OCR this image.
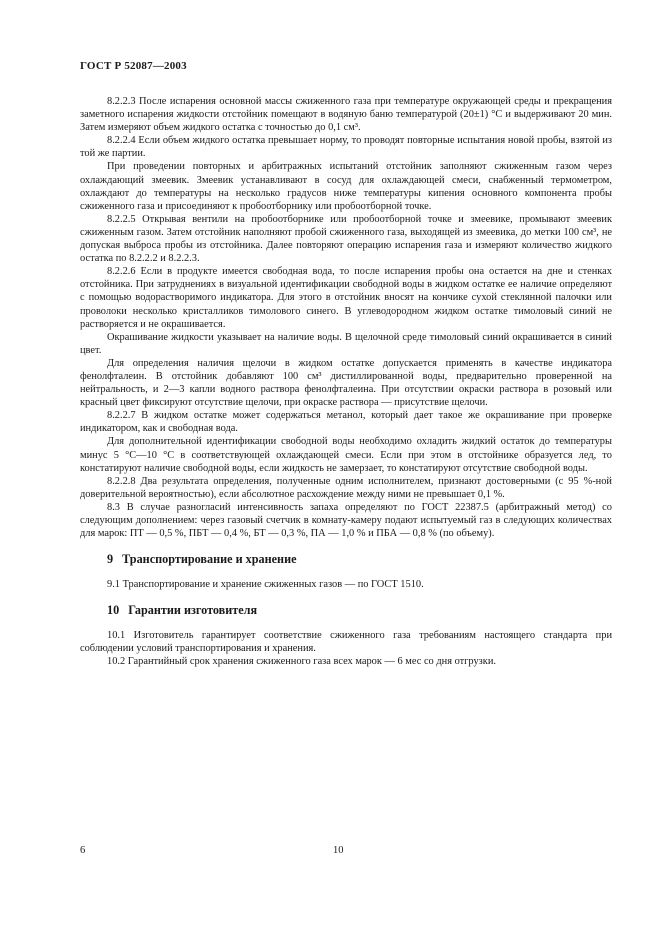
ГОСТ Р 52087—2003

8.2.2.3 После испарения основной массы сжиженного газа при температуре окружающей среды и прекращения заметного испарения жидкости отстойник помещают в водяную баню температурой (20±1) °С и выдерживают 20 мин. Затем измеряют объем жидкого остатка с точностью до 0,1 см³.

8.2.2.4 Если объем жидкого остатка превышает норму, то проводят повторные испытания новой пробы, взятой из той же партии.

При проведении повторных и арбитражных испытаний отстойник заполняют сжиженным газом через охлаждающий змеевик. Змеевик устанавливают в сосуд для охлаждающей смеси, снабженный термометром, охлаждают до температуры на несколько градусов ниже температуры кипения основного компонента пробы сжиженного газа и присоединяют к пробоотборнику или пробоотборной точке.

8.2.2.5 Открывая вентили на пробоотборнике или пробоотборной точке и змеевике, промывают змеевик сжиженным газом. Затем отстойник наполняют пробой сжиженного газа, выходящей из змеевика, до метки 100 см³, не допуская выброса пробы из отстойника. Далее повторяют операцию испарения газа и измеряют количество жидкого остатка по 8.2.2.2 и 8.2.2.3.

8.2.2.6 Если в продукте имеется свободная вода, то после испарения пробы она остается на дне и стенках отстойника. При затруднениях в визуальной идентификации свободной воды в жидком остатке ее наличие определяют с помощью водорастворимого индикатора. Для этого в отстойник вносят на кончике сухой стеклянной палочки или проволоки несколько кристалликов тимолового синего. В углеводородном жидком остатке тимоловый синий не растворяется и не окрашивается.

Окрашивание жидкости указывает на наличие воды. В щелочной среде тимоловый синий окрашивается в синий цвет.

Для определения наличия щелочи в жидком остатке допускается применять в качестве индикатора фенолфталеин. В отстойник добавляют 100 см³ дистиллированной воды, предварительно проверенной на нейтральность, и 2—3 капли водного раствора фенолфталеина. При отсутствии окраски раствора в розовый или красный цвет фиксируют отсутствие щелочи, при окраске раствора — присутствие щелочи.

8.2.2.7 В жидком остатке может содержаться метанол, который дает такое же окрашивание при проверке индикатором, как и свободная вода.

Для дополнительной идентификации свободной воды необходимо охладить жидкий остаток до температуры минус 5 °С—10 °С в соответствующей охлаждающей смеси. Если при этом в отстойнике образуется лед, то констатируют наличие свободной воды, если жидкость не замерзает, то констатируют отсутствие свободной воды.

8.2.2.8 Два результата определения, полученные одним исполнителем, признают достоверными (с 95 %-ной доверительной вероятностью), если абсолютное расхождение между ними не превышает 0,1 %.

8.3 В случае разногласий интенсивность запаха определяют по ГОСТ 22387.5 (арбитражный метод) со следующим дополнением: через газовый счетчик в комнату-камеру подают испытуемый газ в следующих количествах для марок: ПТ — 0,5 %, ПБТ — 0,4 %, БТ — 0,3 %, ПА — 1,0 % и ПБА — 0,8 % (по объему).

9 Транспортирование и хранение

9.1 Транспортирование и хранение сжиженных газов — по ГОСТ 1510.

10 Гарантии изготовителя

10.1 Изготовитель гарантирует соответствие сжиженного газа требованиям настоящего стандарта при соблюдении условий транспортирования и хранения.

10.2 Гарантийный срок хранения сжиженного газа всех марок — 6 мес со дня отгрузки.

6	10
